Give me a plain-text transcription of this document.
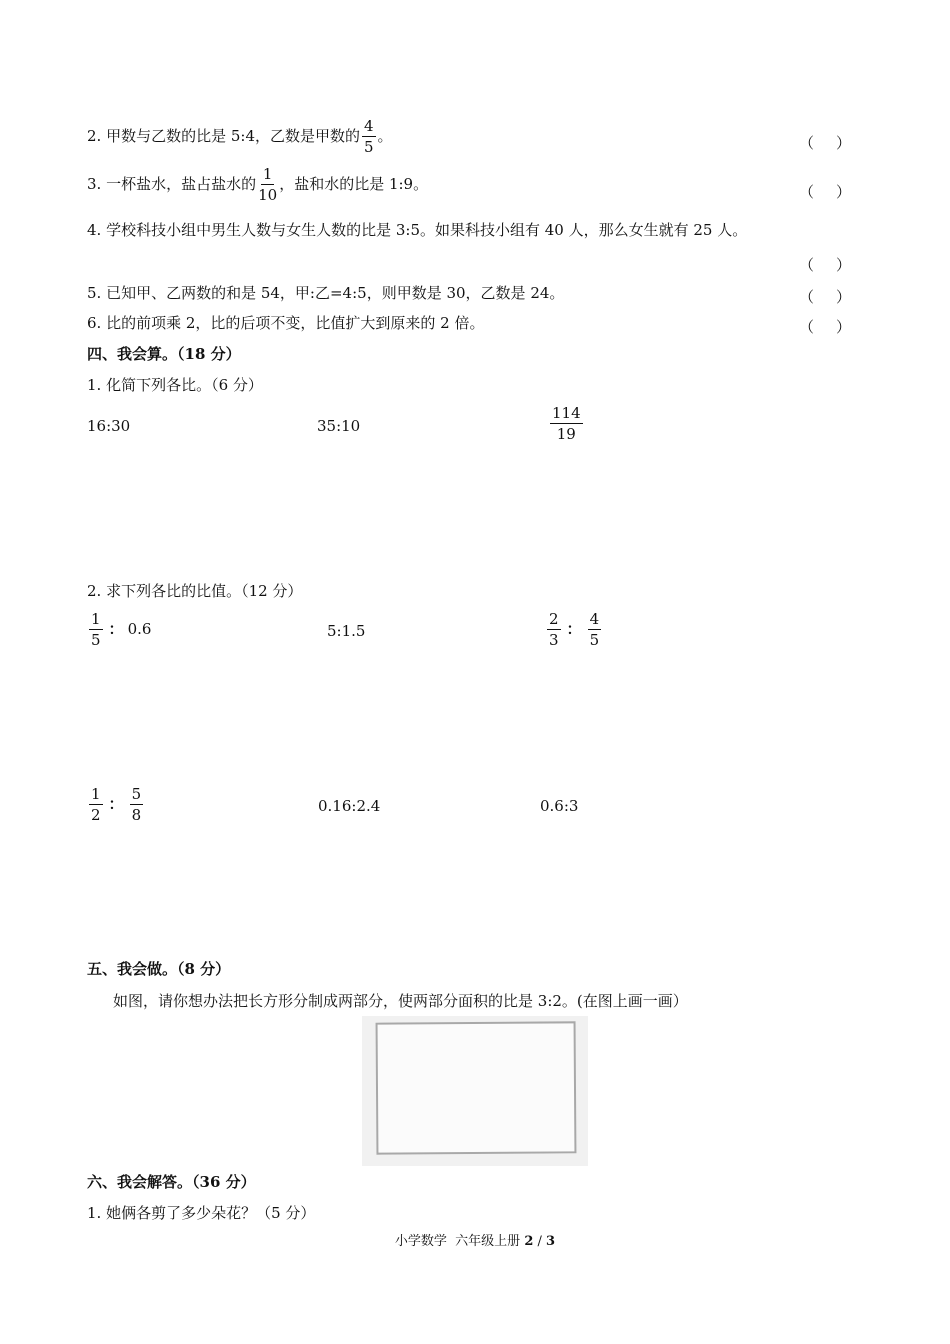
2. 甲数与乙数的比是 5:4，乙数是甲数的 $\frac{4}{5}$ 。	（ ）
3. 一杯盐水，盐占盐水的 $\frac{1}{10}$ ，盐和水的比是 1:9。	（ ）
4. 学校科技小组中男生人数与女生人数的比是 3:5。如果科技小组有 40 人，那么女生就有 25 人。
（ ）
5. 已知甲、乙两数的和是 54，甲:乙=4:5，则甲数是 30，乙数是 24。	（ ）
6. 比的前项乘 2，比的后项不变，比值扩大到原来的 2 倍。	（ ）
四、我会算。（18 分）
1. 化简下列各比。（6 分）
16:30	35:10	$\frac{114}{19}$
2. 求下列各比的比值。（12 分）
$\frac{1}{5}$ ： 0.6	5:1.5	$\frac{2}{3}$ ： $\frac{4}{5}$
$\frac{1}{2}$ ： $\frac{5}{8}$	0.16:2.4	0.6:3
五、我会做。（8 分）
如图，请你想办法把长方形分制成两部分，使两部分面积的比是 3:2。(在图上画一画）
六、我会解答。（36 分）
1. 她俩各剪了多少朵花？（5 分）
小学数学  六年级上册 2 / 3
